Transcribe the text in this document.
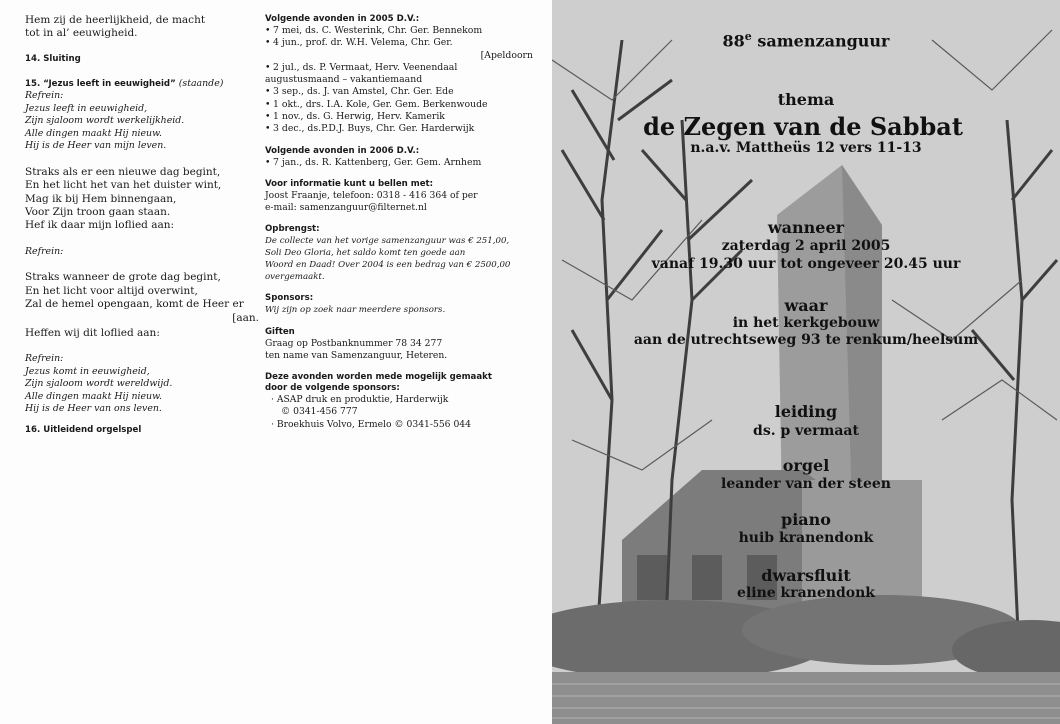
Hem zij de heerlijkheid, de macht
tot in al’ eeuwigheid.
14. Sluiting
15. “Jezus leeft in eeuwigheid” (staande)
Refrein:
Jezus leeft in eeuwigheid,
Zijn sjaloom wordt werkelijkheid.
Alle dingen maakt Hij nieuw.
Hij is de Heer van mijn leven.
Straks als er een nieuwe dag begint,
En het licht het van het duister wint,
Mag ik bij Hem binnengaan,
Voor Zijn troon gaan staan.
Hef ik daar mijn loflied aan:
Refrein:
Straks wanneer de grote dag begint,
En het licht voor altijd overwint,
Zal de hemel opengaan, komt de Heer er
[aan.
Heffen wij dit loflied aan:
Refrein:
Jezus komt in eeuwigheid,
Zijn sjaloom wordt wereldwijd.
Alle dingen maakt Hij nieuw.
Hij is de Heer van ons leven.
16. Uitleidend orgelspel
Volgende avonden in 2005 D.V.:
• 7 mei, ds. C. Westerink, Chr. Ger. Bennekom
• 4 jun., prof. dr. W.H. Velema, Chr. Ger.
[Apeldoorn
• 2 jul., ds. P. Vermaat, Herv. Veenendaal
augustusmaand – vakantiemaand
• 3 sep., ds. J. van Amstel, Chr. Ger. Ede
• 1 okt., drs. I.A. Kole, Ger. Gem. Berkenwoude
• 1 nov., ds. G. Herwig, Herv. Kamerik
• 3 dec., ds.P.D.J. Buys, Chr. Ger. Harderwijk
Volgende avonden in 2006 D.V.:
• 7 jan., ds. R. Kattenberg, Ger. Gem. Arnhem
Voor informatie kunt u bellen met:
Joost Fraanje, telefoon: 0318 - 416 364 of per
e-mail: samenzanguur@filternet.nl
Opbrengst:
De collecte van het vorige samenzanguur was € 251,00,
Soli Deo Gloria, het saldo komt ten goede aan
Woord en Daad! Over 2004 is een bedrag van € 2500,00
overgemaakt.
Sponsors:
Wij zijn op zoek naar meerdere sponsors.
Giften
Graag op Postbanknummer 78 34 277
ten name van Samenzanguur, Heteren.
Deze avonden worden mede mogelijk gemaakt
door de volgende sponsors:
· ASAP druk en produktie, Harderwijk
© 0341-456 777
· Broekhuis Volvo, Ermelo © 0341-556 044
88e samenzanguur
thema
de Zegen van de Sabbat
n.a.v. Mattheüs 12 vers 11-13
wanneer
zaterdag 2 april 2005
vanaf 19.30 uur tot ongeveer 20.45 uur
waar
in het kerkgebouw
aan de utrechtseweg 93 te renkum/heelsum
leiding
ds. p vermaat
orgel
leander van der steen
piano
huib kranendonk
dwarsfluit
eline kranendonk
